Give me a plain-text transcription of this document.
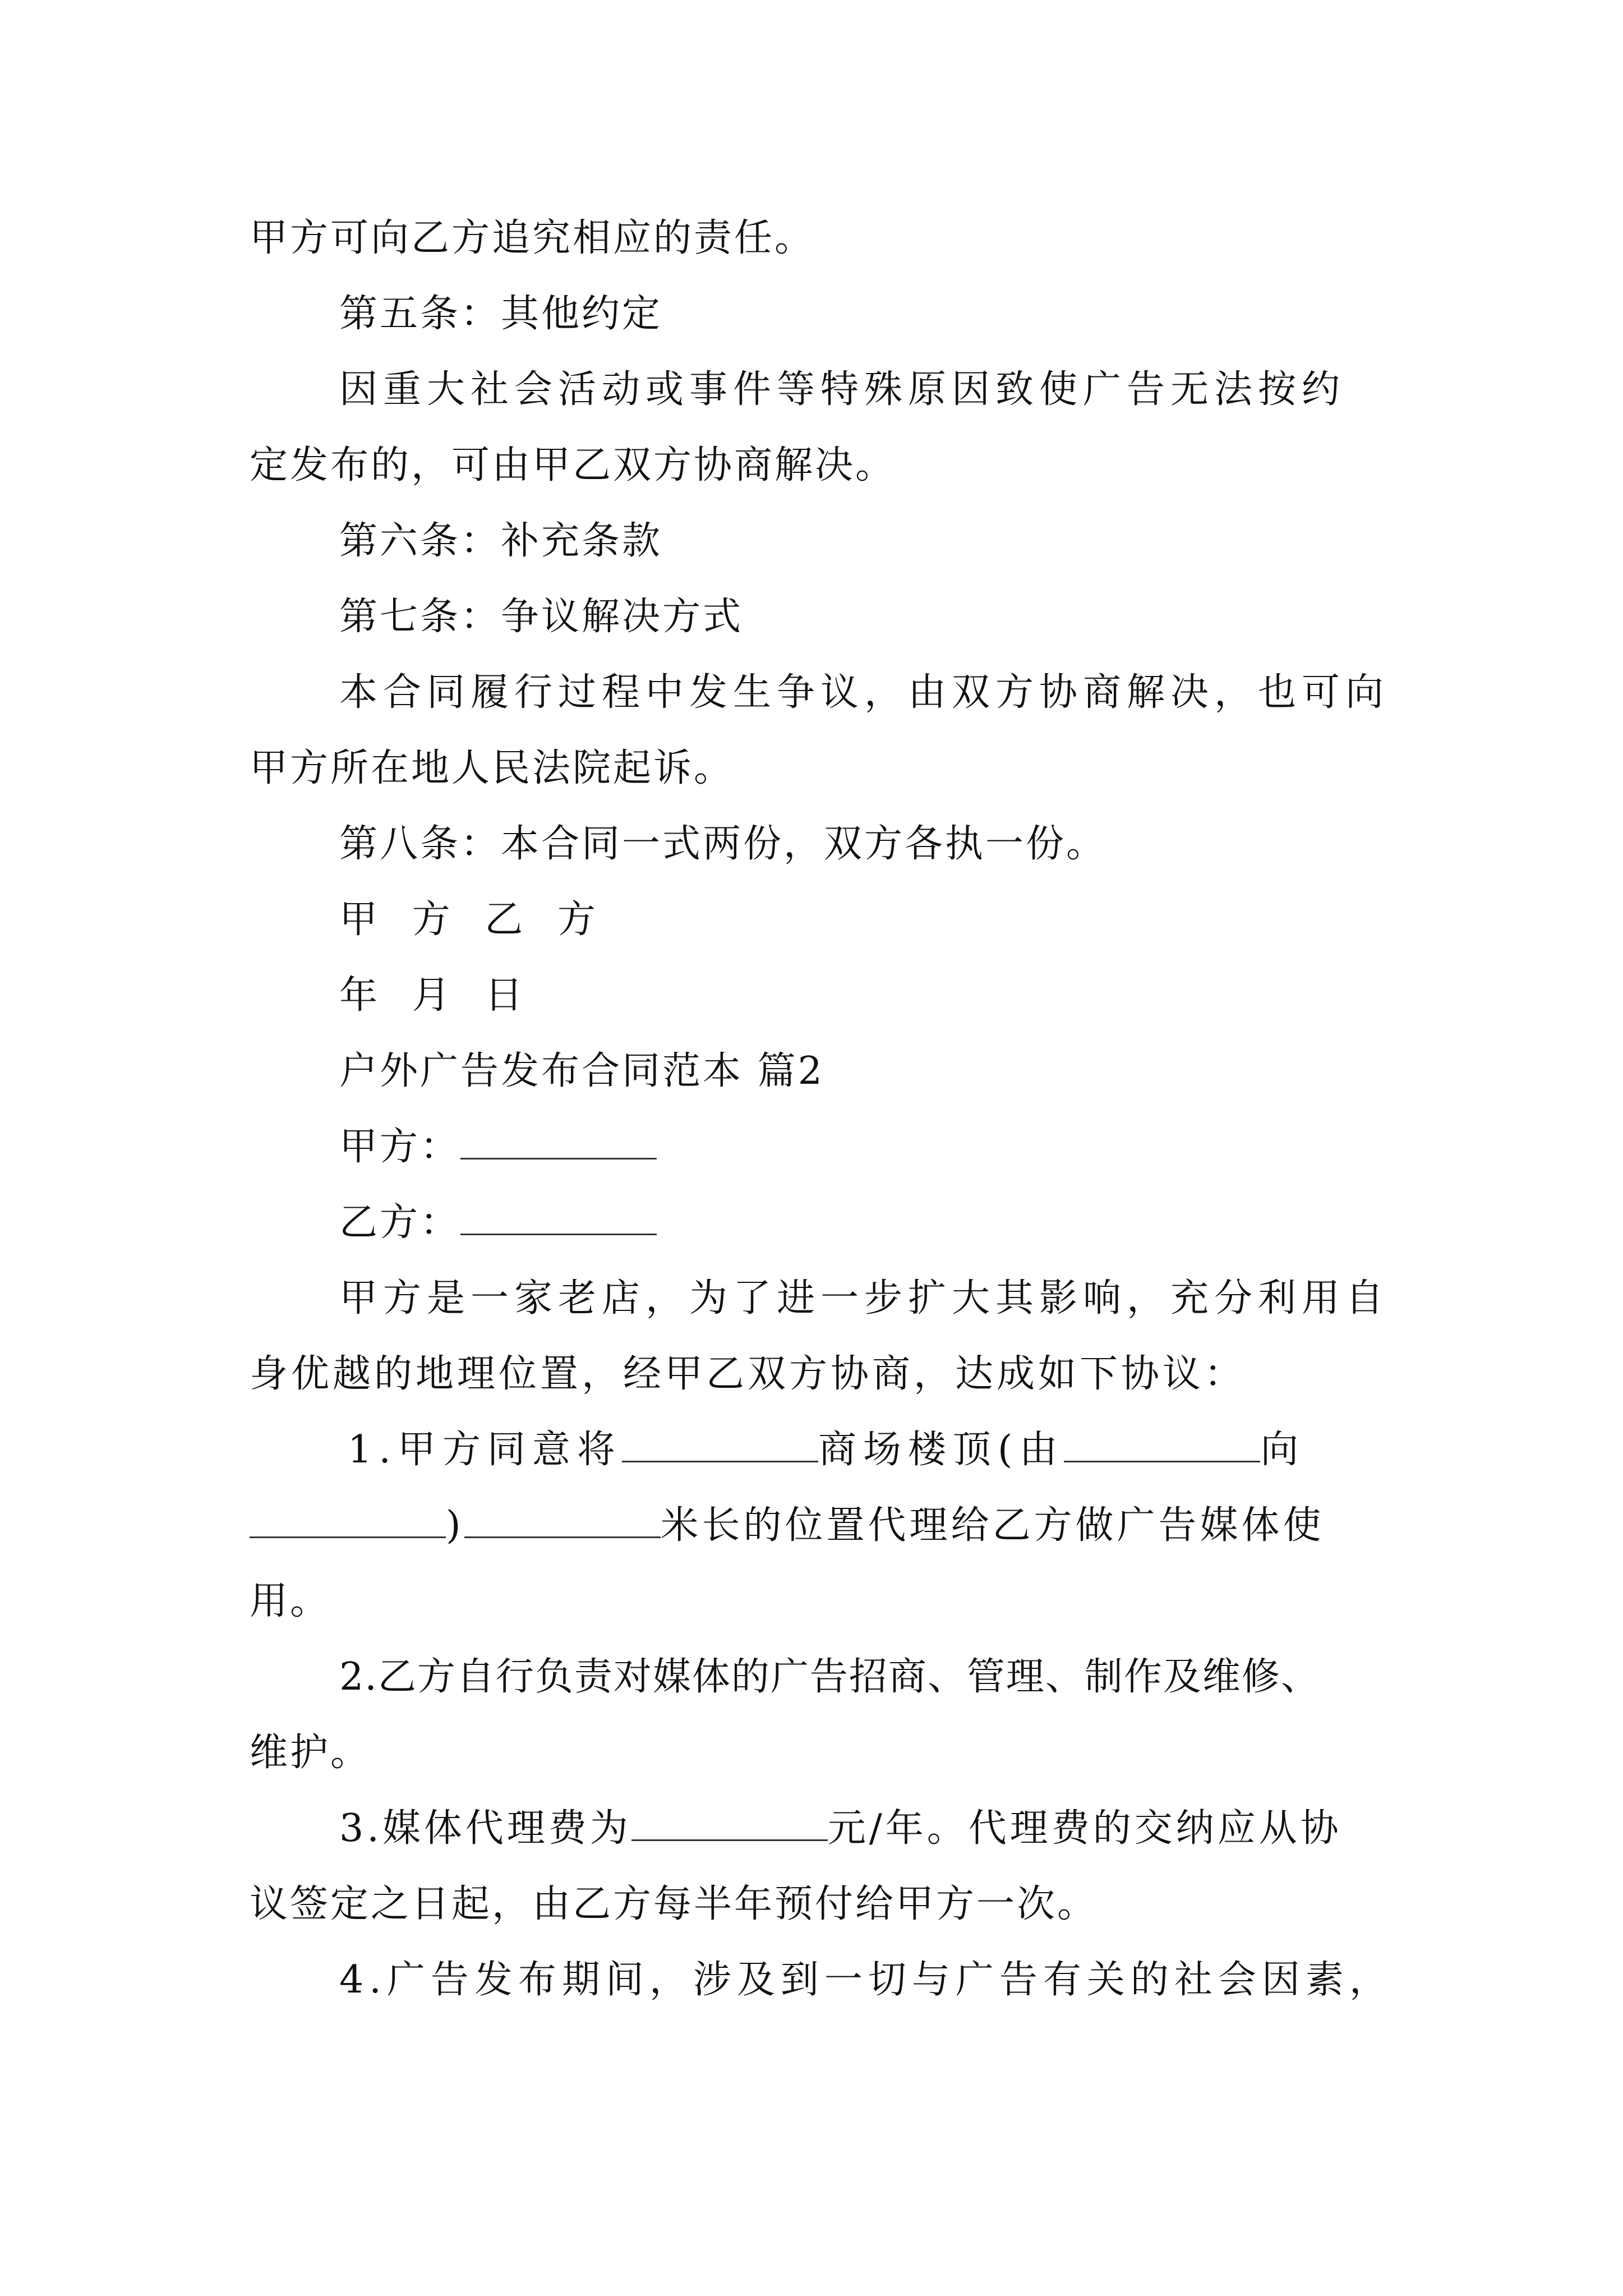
甲方可向乙方追究相应的责任。
第五条：其他约定
因重大社会活动或事件等特殊原因致使广告无法按约
定发布的，可由甲乙双方协商解决。
第六条：补充条款
第七条：争议解决方式
本合同履行过程中发生争议，由双方协商解决，也可向
甲方所在地人民法院起诉。
第八条：本合同一式两份，双方各执一份。
甲 方 乙 方
年 月 日
户外广告发布合同范本 篇2
甲方：
乙方：
甲方是一家老店，为了进一步扩大其影响，充分利用自
身优越的地理位置，经甲乙双方协商，达成如下协议：
1.甲方同意将	商场楼顶(由	向
)	米长的位置代理给乙方做广告媒体使
用。
2.乙方自行负责对媒体的广告招商、管理、制作及维修、
维护。
3.媒体代理费为	元/年。代理费的交纳应从协
议签定之日起，由乙方每半年预付给甲方一次。
4.广告发布期间，涉及到一切与广告有关的社会因素，
